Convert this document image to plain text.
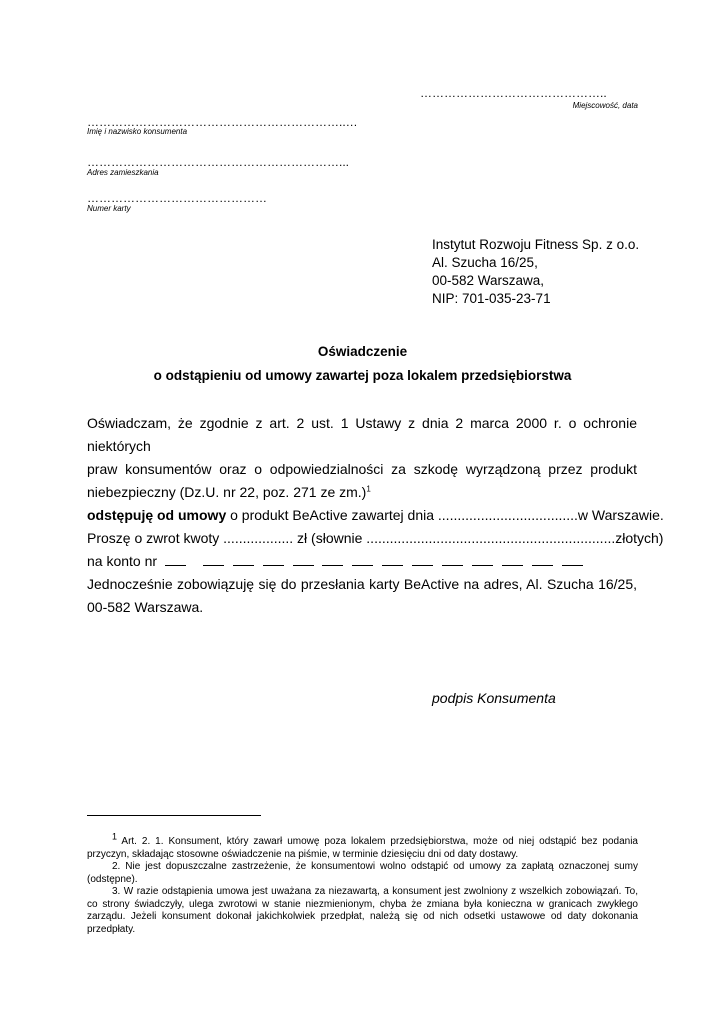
………………………………………..
Miejscowość, data
………………………………………………………..…
Imię i nazwisko konsumenta
………………………………………………………...
Adres zamieszkania
………………………………………
Numer karty
Instytut Rozwoju Fitness Sp. z o.o.
Al. Szucha 16/25,
00-582 Warszawa,
NIP: 701-035-23-71
Oświadczenie
o odstąpieniu od umowy zawartej poza lokalem przedsiębiorstwa
Oświadczam, że zgodnie z art. 2 ust. 1 Ustawy z dnia 2 marca 2000 r. o ochronie niektórych
praw konsumentów oraz o odpowiedzialności za szkodę wyrządzoną przez produkt
niebezpieczny (Dz.U. nr 22, poz. 271 ze zm.)$^1$
odstępuję od umowy o produkt BeActive zawartej dnia ....................................w Warszawie.
Proszę o zwrot kwoty .................. zł (słownie ................................................................złotych)
na konto nr
Jednocześnie zobowiązuję się do przesłania karty BeActive na adres, Al. Szucha 16/25,
00-582 Warszawa.
podpis Konsumenta

$^1$ Art. 2. 1. Konsument, który zawarł umowę poza lokalem przedsiębiorstwa, może od niej odstąpić bez podania przyczyn, składając stosowne oświadczenie na piśmie, w terminie dziesięciu dni od daty dostawy.

2. Nie jest dopuszczalne zastrzeżenie, że konsumentowi wolno odstąpić od umowy za zapłatą oznaczonej sumy (odstępne).

3. W razie odstąpienia umowa jest uważana za niezawartą, a konsument jest zwolniony z wszelkich zobowiązań. To, co strony świadczyły, ulega zwrotowi w stanie niezmienionym, chyba że zmiana była konieczna w granicach zwykłego zarządu. Jeżeli konsument dokonał jakichkolwiek przedpłat, należą się od nich odsetki ustawowe od daty dokonania przedpłaty.
